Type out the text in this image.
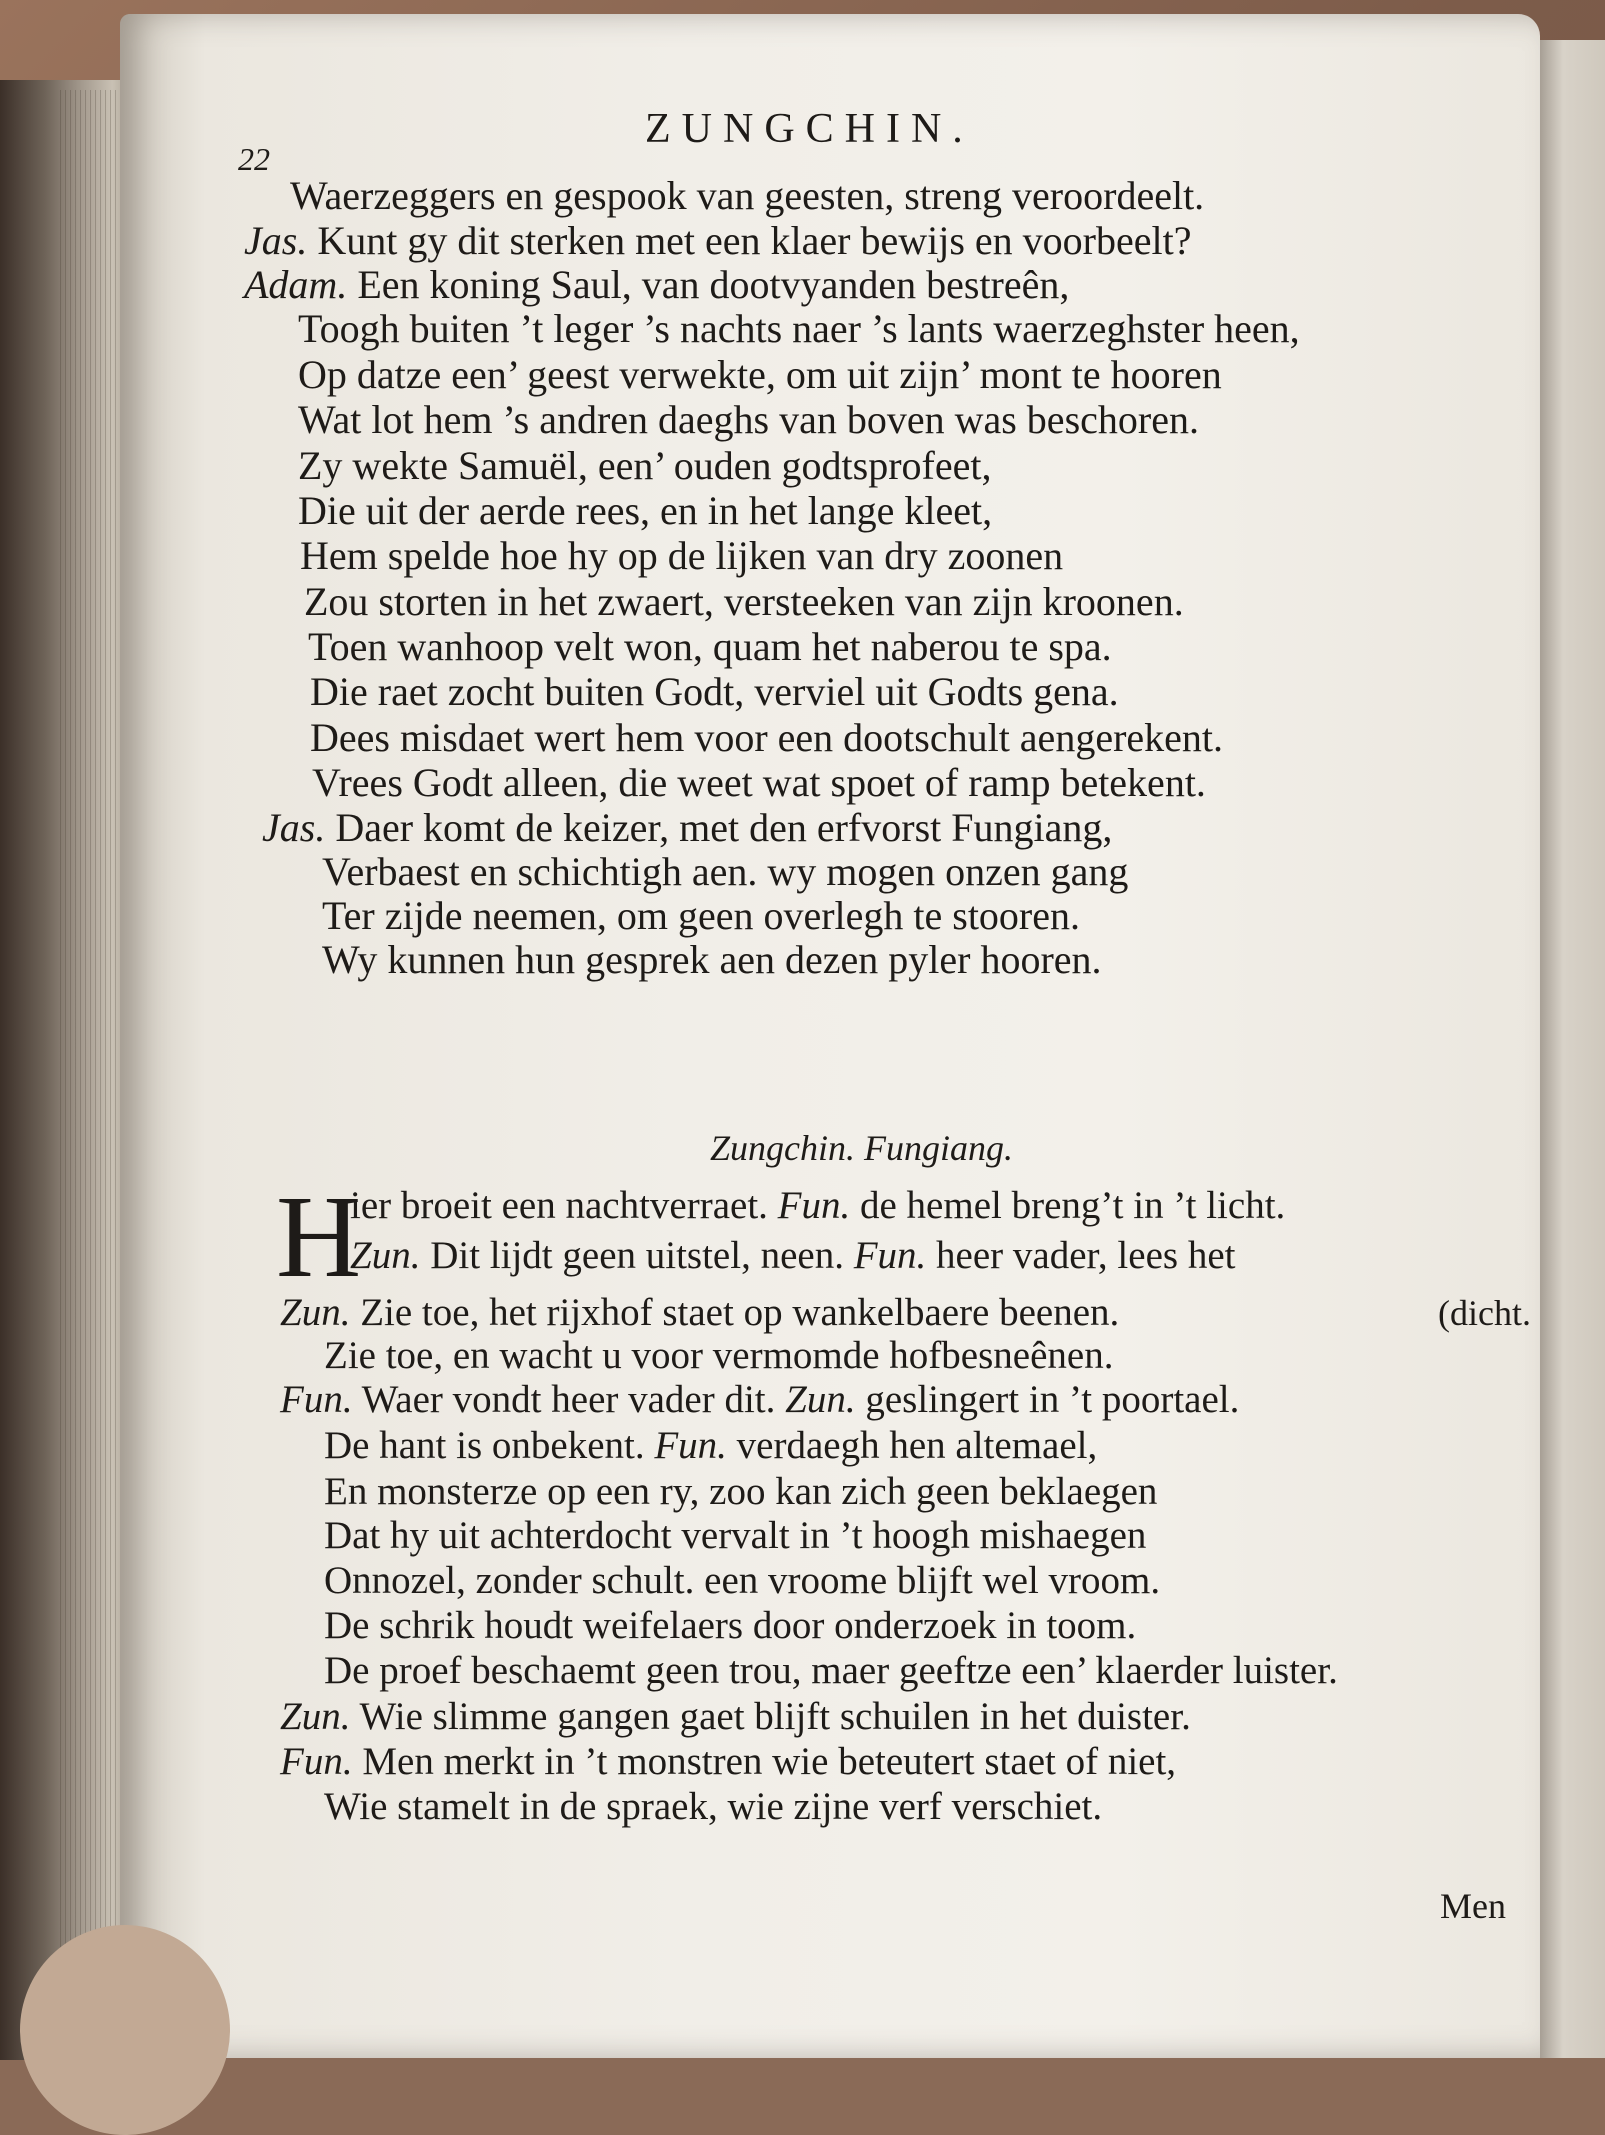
ZUNGCHIN.
22
Waerzeggers en gespook van geesten, streng veroordeelt.
Jas. Kunt gy dit sterken met een klaer bewijs en voorbeelt?
Adam. Een koning Saul, van dootvyanden bestreên,
Toogh buiten ’t leger ’s nachts naer ’s lants waerzeghster heen,
Op datze een’ geest verwekte, om uit zijn’ mont te hooren
Wat lot hem ’s andren daeghs van boven was beschoren.
Zy wekte Samuël, een’ ouden godtsprofeet,
Die uit der aerde rees, en in het lange kleet,
Hem spelde hoe hy op de lijken van dry zoonen
Zou storten in het zwaert, versteeken van zijn kroonen.
Toen wanhoop velt won, quam het naberou te spa.
Die raet zocht buiten Godt, verviel uit Godts gena.
Dees misdaet wert hem voor een dootschult aengerekent.
Vrees Godt alleen, die weet wat spoet of ramp betekent.
Jas. Daer komt de keizer, met den erfvorst Fungiang,
Verbaest en schichtigh aen. wy mogen onzen gang
Ter zijde neemen, om geen overlegh te stooren.
Wy kunnen hun gesprek aen dezen pyler hooren.
Zungchin. Fungiang.
H
ier broeit een nachtverraet. Fun. de hemel breng’t in ’t licht.
Zun. Dit lijdt geen uitstel, neen. Fun. heer vader, lees het
Zun. Zie toe, het rijxhof staet op wankelbaere beenen.
Zie toe, en wacht u voor vermomde hofbesneênen.
Fun. Waer vondt heer vader dit. Zun. geslingert in ’t poortael.
De hant is onbekent. Fun. verdaegh hen altemael,
En monsterze op een ry, zoo kan zich geen beklaegen
Dat hy uit achterdocht vervalt in ’t hoogh mishaegen
Onnozel, zonder schult. een vroome blijft wel vroom.
De schrik houdt weifelaers door onderzoek in toom.
De proef beschaemt geen trou, maer geeftze een’ klaerder luister.
Zun. Wie slimme gangen gaet blijft schuilen in het duister.
Fun. Men merkt in ’t monstren wie beteutert staet of niet,
Wie stamelt in de spraek, wie zijne verf verschiet.
(dicht.
Men
